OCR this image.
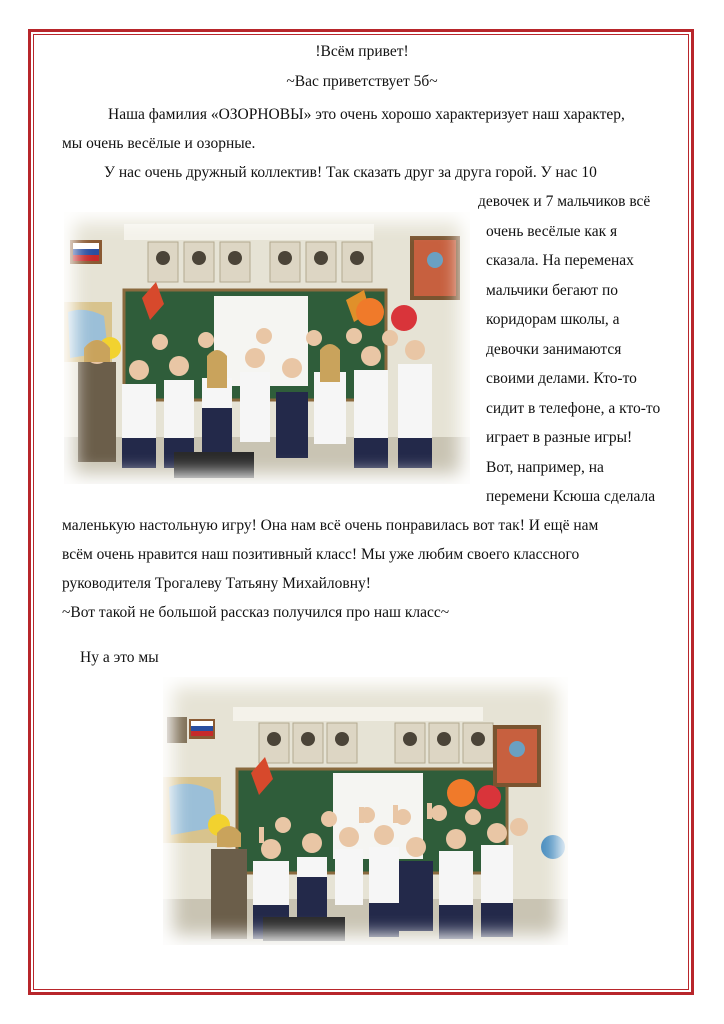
!Всём привет!
~Вас приветствует 5б~
Наша фамилия «ОЗОРНОВЫ» это очень хорошо характеризует наш характер,
мы очень весёлые и озорные.
У нас очень дружный коллектив! Так сказать друг за друга горой. У нас 10
девочек и 7 мальчиков всё
очень весёлые как я
сказала. На переменах
мальчики бегают по
коридорам школы, а
девочки занимаются
своими делами. Кто-то
сидит в телефоне, а кто-то
играет в разные игры!
Вот, например, на
перемени Ксюша сделала
маленькую настольную игру! Она нам всё очень понравилась вот так! И ещё нам
всём очень нравится наш позитивный класс! Мы уже любим своего классного
руководителя Трогалеву Татьяну Михайловну!
~Вот такой не большой рассказ получился про наш класс~
Ну а это мы
